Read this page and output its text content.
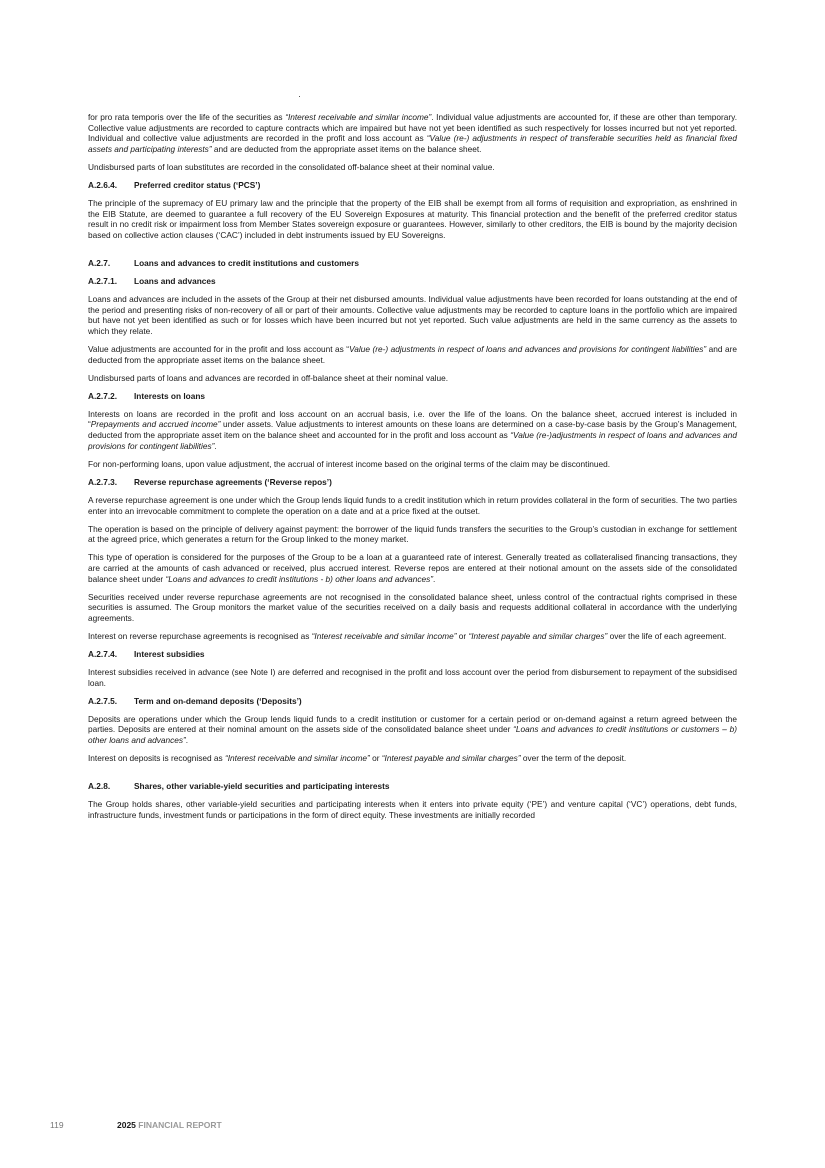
for pro rata temporis over the life of the securities as “Interest receivable and similar income”. Individual value adjustments are accounted for, if these are other than temporary. Collective value adjustments are recorded to capture contracts which are impaired but have not yet been identified as such respectively for losses incurred but not yet reported. Individual and collective value adjustments are recorded in the profit and loss account as “Value (re-) adjustments in respect of transferable securities held as financial fixed assets and participating interests” and are deducted from the appropriate asset items on the balance sheet.

Undisbursed parts of loan substitutes are recorded in the consolidated off-balance sheet at their nominal value.

A.2.6.4. Preferred creditor status (‘PCS’)

The principle of the supremacy of EU primary law and the principle that the property of the EIB shall be exempt from all forms of requisition and expropriation, as enshrined in the EIB Statute, are deemed to guarantee a full recovery of the EU Sovereign Exposures at maturity. This financial protection and the benefit of the preferred creditor status result in no credit risk or impairment loss from Member States sovereign exposure or guarantees. However, similarly to other creditors, the EIB is bound by the majority decision based on collective action clauses (‘CAC’) included in debt instruments issued by EU Sovereigns.

A.2.7.	Loans and advances to credit institutions and customers
A.2.7.1. Loans and advances

Loans and advances are included in the assets of the Group at their net disbursed amounts. Individual value adjustments have been recorded for loans outstanding at the end of the period and presenting risks of non-recovery of all or part of their amounts. Collective value adjustments may be recorded to capture loans in the portfolio which are impaired but have not yet been identified as such or for losses which have been incurred but not yet reported. Such value adjustments are held in the same currency as the assets to which they relate.

Value adjustments are accounted for in the profit and loss account as “Value (re-) adjustments in respect of loans and advances and provisions for contingent liabilities” and are deducted from the appropriate asset items on the balance sheet.

Undisbursed parts of loans and advances are recorded in off-balance sheet at their nominal value.

A.2.7.2. Interests on loans

Interests on loans are recorded in the profit and loss account on an accrual basis, i.e. over the life of the loans. On the balance sheet, accrued interest is included in “Prepayments and accrued income” under assets. Value adjustments to interest amounts on these loans are determined on a case-by-case basis by the Group’s Management, deducted from the appropriate asset item on the balance sheet and accounted for in the profit and loss account as “Value (re-)adjustments in respect of loans and advances and provisions for contingent liabilities”.

For non-performing loans, upon value adjustment, the accrual of interest income based on the original terms of the claim may be discontinued.

A.2.7.3. Reverse repurchase agreements (‘Reverse repos’)

A reverse repurchase agreement is one under which the Group lends liquid funds to a credit institution which in return provides collateral in the form of securities. The two parties enter into an irrevocable commitment to complete the operation on a date and at a price fixed at the outset.

The operation is based on the principle of delivery against payment: the borrower of the liquid funds transfers the securities to the Group’s custodian in exchange for settlement at the agreed price, which generates a return for the Group linked to the money market.

This type of operation is considered for the purposes of the Group to be a loan at a guaranteed rate of interest. Generally treated as collateralised financing transactions, they are carried at the amounts of cash advanced or received, plus accrued interest. Reverse repos are entered at their notional amount on the assets side of the consolidated balance sheet under “Loans and advances to credit institutions - b) other loans and advances”.

Securities received under reverse repurchase agreements are not recognised in the consolidated balance sheet, unless control of the contractual rights comprised in these securities is assumed. The Group monitors the market value of the securities received on a daily basis and requests additional collateral in accordance with the underlying agreements.

Interest on reverse repurchase agreements is recognised as “Interest receivable and similar income” or “Interest payable and similar charges” over the life of each agreement.

A.2.7.4. Interest subsidies

Interest subsidies received in advance (see Note I) are deferred and recognised in the profit and loss account over the period from disbursement to repayment of the subsidised loan.

A.2.7.5. Term and on-demand deposits (‘Deposits’)

Deposits are operations under which the Group lends liquid funds to a credit institution or customer for a certain period or on-demand against a return agreed between the parties. Deposits are entered at their nominal amount on the assets side of the consolidated balance sheet under “Loans and advances to credit institutions or customers – b) other loans and advances”.

Interest on deposits is recognised as “Interest receivable and similar income” or “Interest payable and similar charges” over the term of the deposit.

A.2.8.	Shares, other variable-yield securities and participating interests

The Group holds shares, other variable-yield securities and participating interests when it enters into private equity (‘PE’) and venture capital (‘VC’) operations, debt funds, infrastructure funds, investment funds or participations in the form of direct equity. These investments are initially recorded

119	2025 FINANCIAL REPORT
